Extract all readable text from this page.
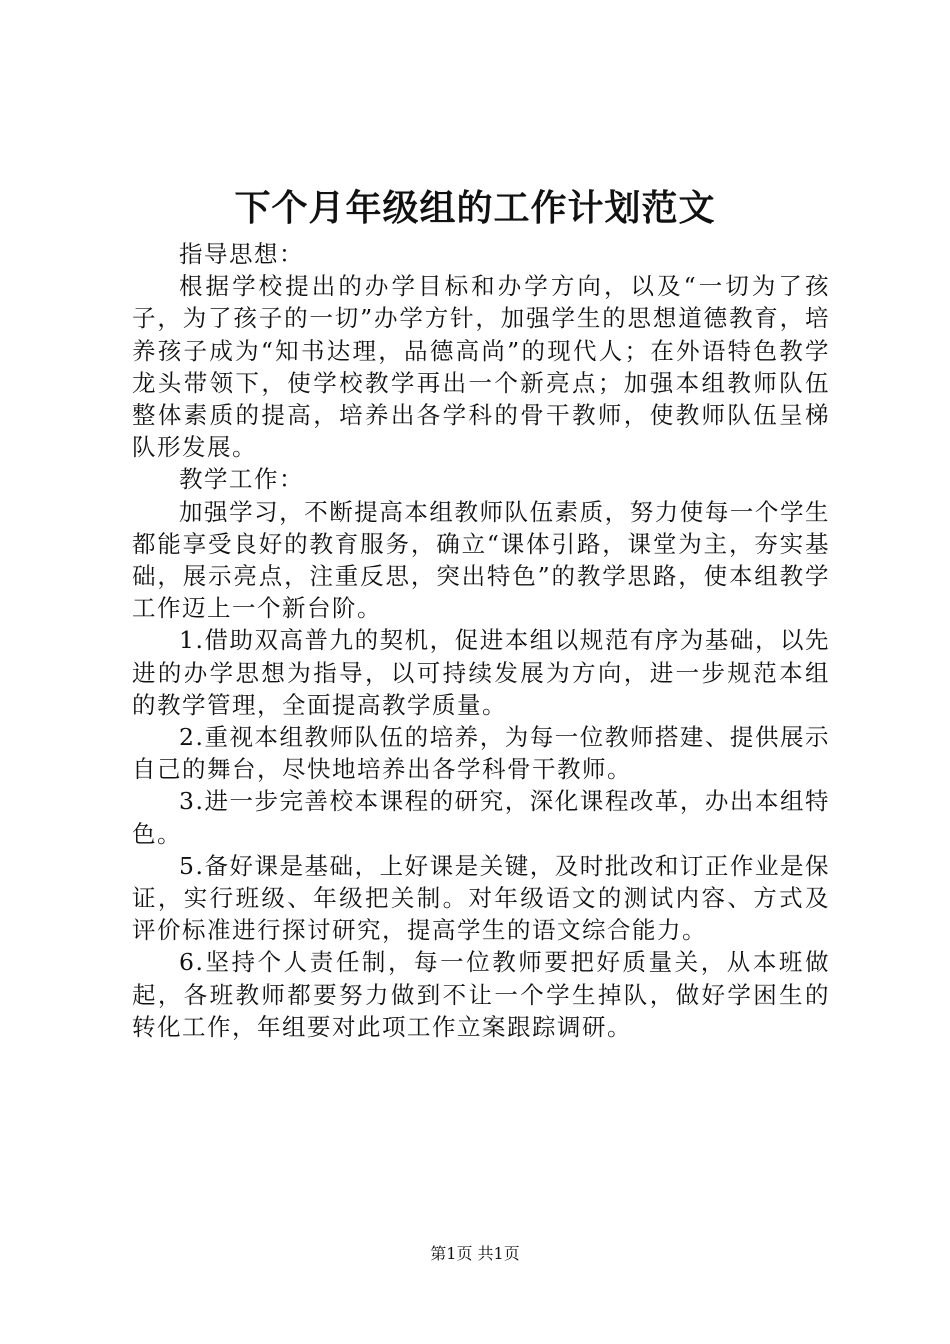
下个月年级组的工作计划范文

指导思想：

根据学校提出的办学目标和办学方向，以及“一切为了孩子，为了孩子的一切”办学方针，加强学生的思想道德教育，培养孩子成为“知书达理，品德高尚”的现代人；在外语特色教学龙头带领下，使学校教学再出一个新亮点；加强本组教师队伍整体素质的提高，培养出各学科的骨干教师，使教师队伍呈梯队形发展。

教学工作：

加强学习，不断提高本组教师队伍素质，努力使每一个学生都能享受良好的教育服务，确立“课体引路，课堂为主，夯实基础，展示亮点，注重反思，突出特色”的教学思路，使本组教学工作迈上一个新台阶。

1.借助双高普九的契机，促进本组以规范有序为基础，以先进的办学思想为指导，以可持续发展为方向，进一步规范本组的教学管理，全面提高教学质量。

2.重视本组教师队伍的培养，为每一位教师搭建、提供展示自己的舞台，尽快地培养出各学科骨干教师。

3.进一步完善校本课程的研究，深化课程改革，办出本组特色。

5.备好课是基础，上好课是关键，及时批改和订正作业是保证，实行班级、年级把关制。对年级语文的测试内容、方式及评价标准进行探讨研究，提高学生的语文综合能力。

6.坚持个人责任制，每一位教师要把好质量关，从本班做起，各班教师都要努力做到不让一个学生掉队，做好学困生的转化工作，年组要对此项工作立案跟踪调研。

第1页 共1页
